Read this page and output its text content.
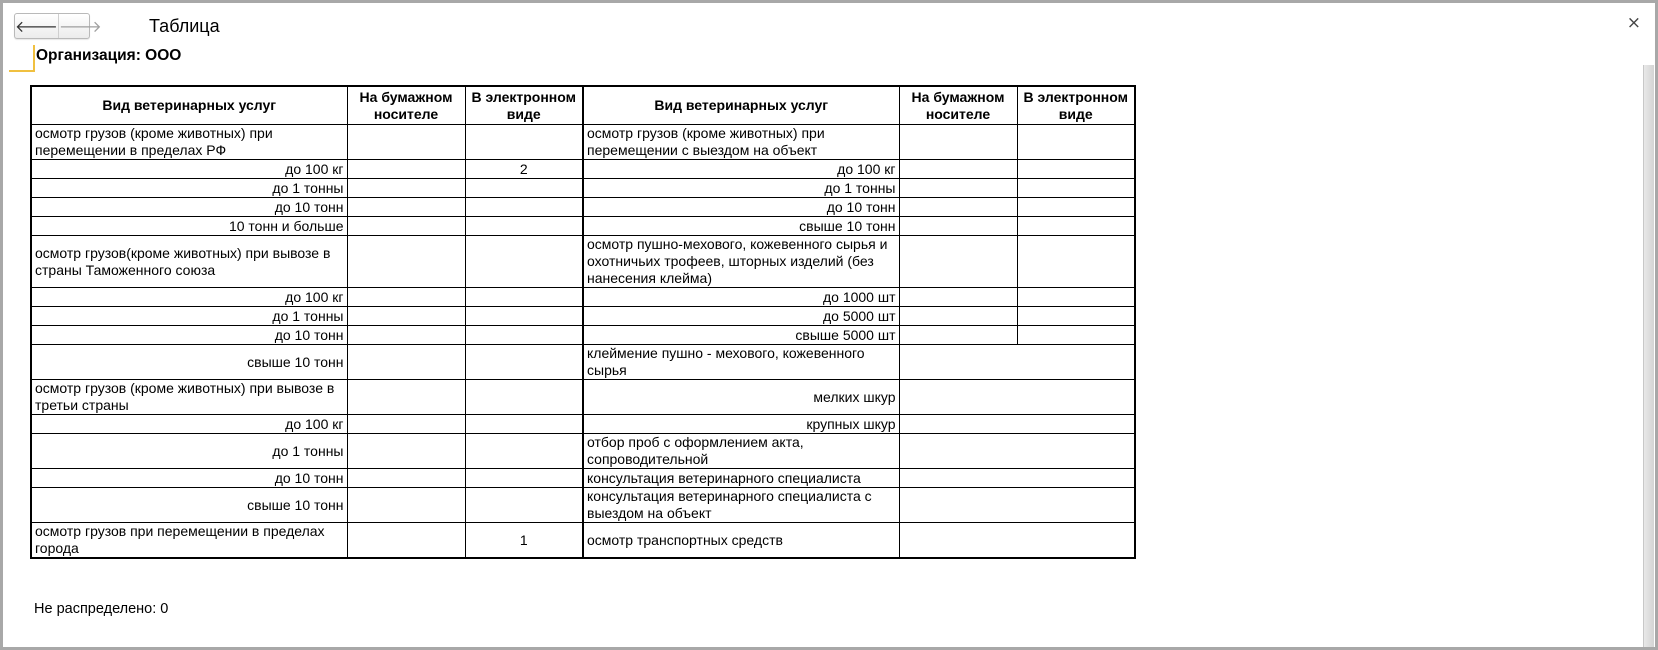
🡐 🡒	Таблица	×
Организация: ООО
Вид ветеринарных услуг	На бумажном носителе	В электронном виде	Вид ветеринарных услуг	На бумажном носителе	В электронном виде
осмотр грузов (кроме животных) при перемещении в пределах РФ			осмотр грузов (кроме животных) при перемещении с выездом на объект		
до 100 кг		2	до 100 кг		
до 1 тонны			до 1 тонны		
до 10 тонн			до 10 тонн		
10 тонн и больше			свыше 10 тонн		
осмотр грузов(кроме животных) при вывозе в страны Таможенного союза			осмотр пушно-мехового, кожевенного сырья и охотничьих трофеев, шторных изделий (без нанесения клейма)		
до 100 кг			до 1000 шт		
до 1 тонны			до 5000 шт		
до 10 тонн			свыше 5000 шт		
свыше 10 тонн			клеймение пушно - мехового, кожевенного сырья		
осмотр грузов (кроме животных) при вывозе в третьи страны			мелких шкур		
до 100 кг			крупных шкур		
до 1 тонны			отбор проб с оформлением акта, сопроводительной		
до 10 тонн			консультация ветеринарного специалиста		
свыше 10 тонн			консультация ветеринарного специалиста с выездом на объект		
осмотр грузов при перемещении в пределах города		1	осмотр транспортных средств		
Не распределено: 0
